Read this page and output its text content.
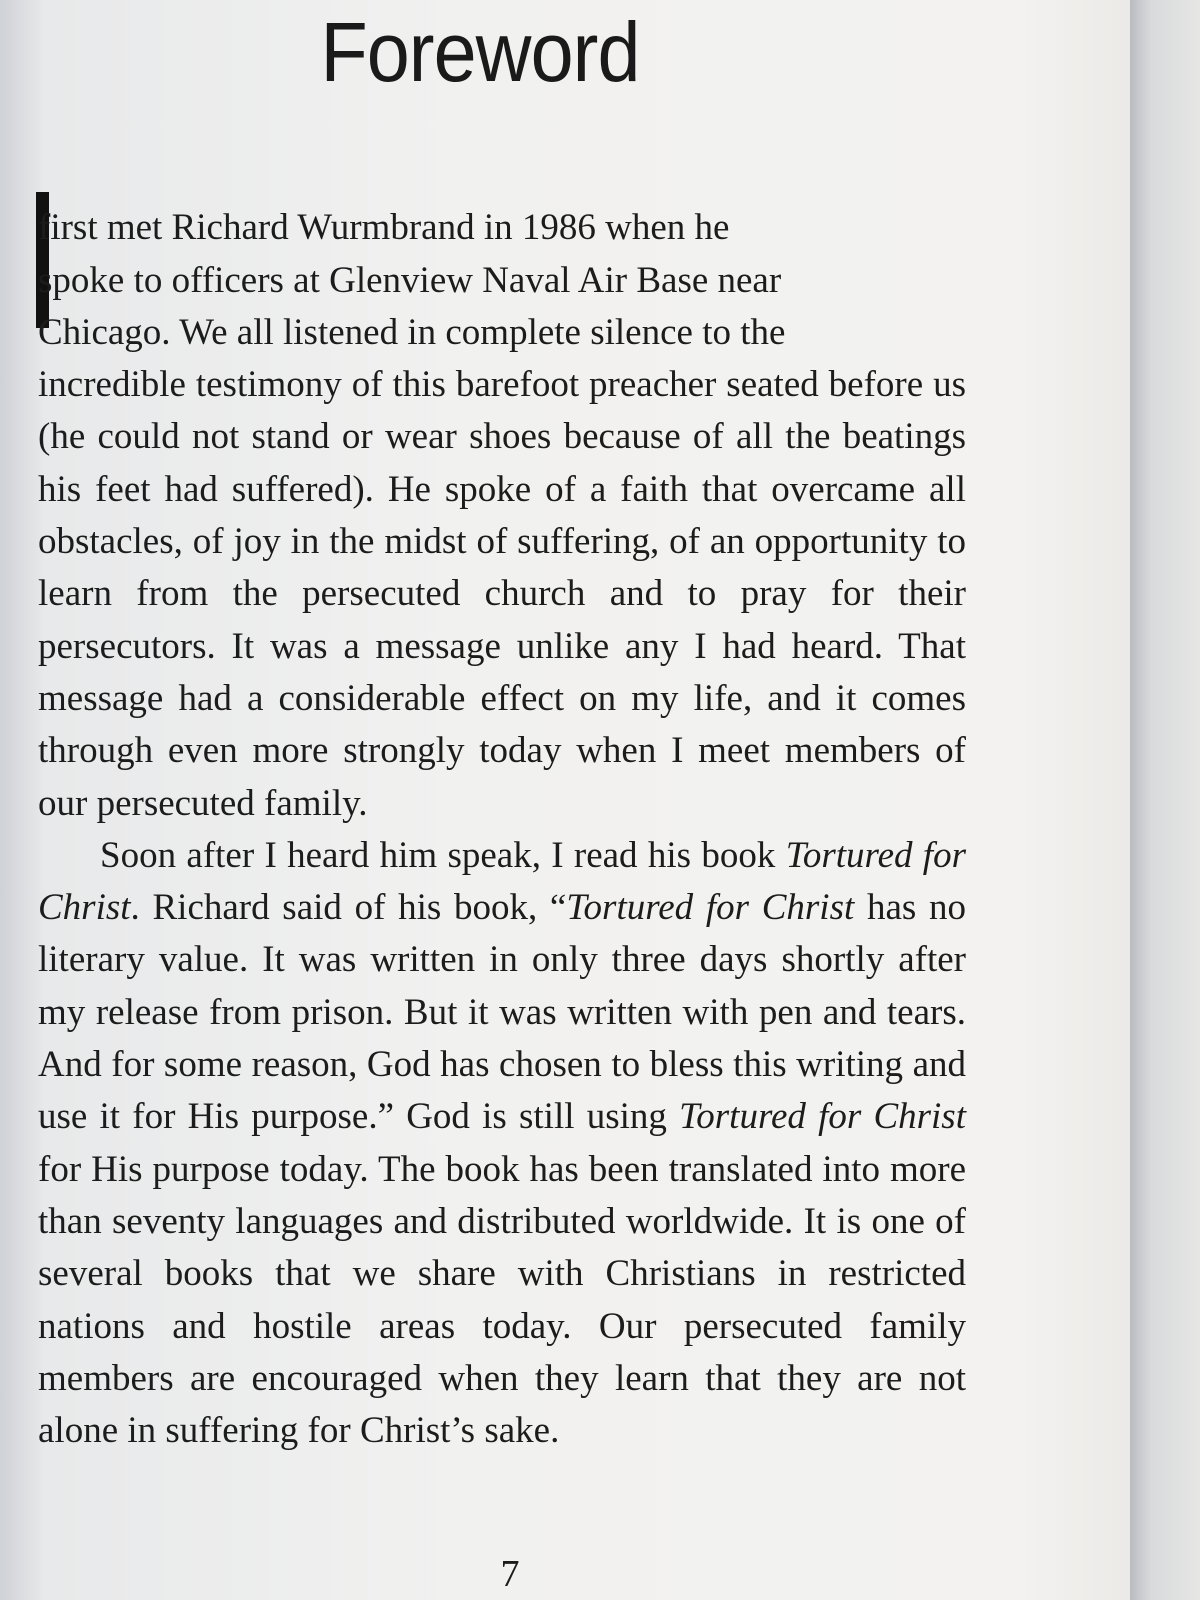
Foreword

first met Richard Wurmbrand in 1986 when he
spoke to officers at Glenview Naval Air Base near
Chicago. We all listened in complete silence to the
incredible testimony of this barefoot preacher seated before us (he could not stand or wear shoes because of all the beatings his feet had suffered). He spoke of a faith that overcame all obstacles, of joy in the midst of suffering, of an opportunity to learn from the persecuted church and to pray for their persecutors. It was a message unlike any I had heard. That message had a considerable effect on my life, and it comes through even more strongly today when I meet members of our persecuted family.

Soon after I heard him speak, I read his book Tortured for Christ. Richard said of his book, “Tortured for Christ has no literary value. It was written in only three days shortly after my release from prison. But it was written with pen and tears. And for some reason, God has chosen to bless this writing and use it for His purpose.” God is still using Tortured for Christ for His purpose today. The book has been translated into more than seventy languages and distributed worldwide. It is one of several books that we share with Christians in restricted nations and hostile areas today. Our persecuted family members are encouraged when they learn that they are not alone in suffering for Christ’s sake.

7
